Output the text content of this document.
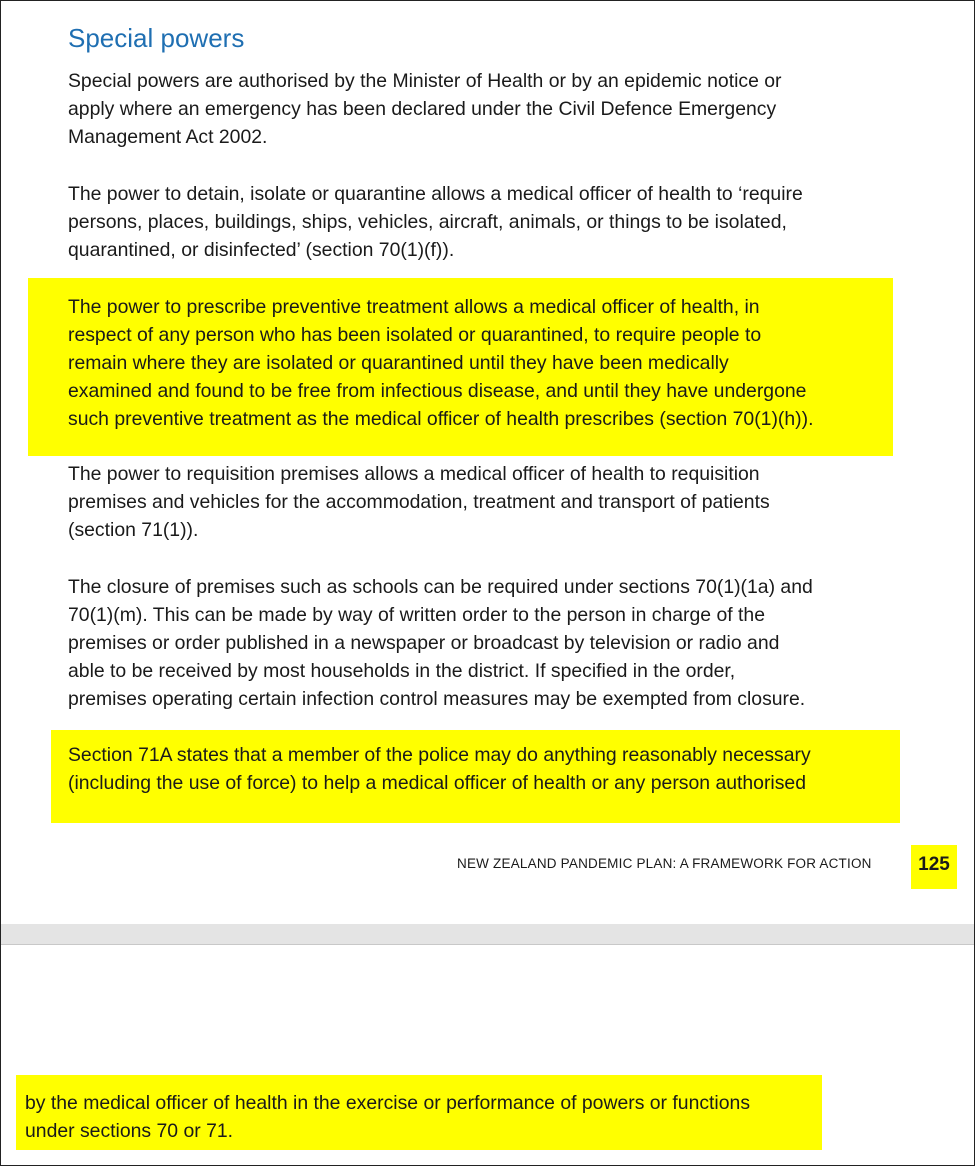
Special powers

Special powers are authorised by the Minister of Health or by an epidemic notice or
apply where an emergency has been declared under the Civil Defence Emergency
Management Act 2002.

The power to detain, isolate or quarantine allows a medical officer of health to ‘require
persons, places, buildings, ships, vehicles, aircraft, animals, or things to be isolated,
quarantined, or disinfected’ (section 70(1)(f)).

The power to prescribe preventive treatment allows a medical officer of health, in
respect of any person who has been isolated or quarantined, to require people to
remain where they are isolated or quarantined until they have been medically
examined and found to be free from infectious disease, and until they have undergone
such preventive treatment as the medical officer of health prescribes (section 70(1)(h)).

The power to requisition premises allows a medical officer of health to requisition
premises and vehicles for the accommodation, treatment and transport of patients
(section 71(1)).

The closure of premises such as schools can be required under sections 70(1)(1a) and
70(1)(m). This can be made by way of written order to the person in charge of the
premises or order published in a newspaper or broadcast by television or radio and
able to be received by most households in the district. If specified in the order,
premises operating certain infection control measures may be exempted from closure.

Section 71A states that a member of the police may do anything reasonably necessary
(including the use of force) to help a medical officer of health or any person authorised

NEW ZEALAND PANDEMIC PLAN: A FRAMEWORK FOR ACTION	125

by the medical officer of health in the exercise or performance of powers or functions
under sections 70 or 71.
